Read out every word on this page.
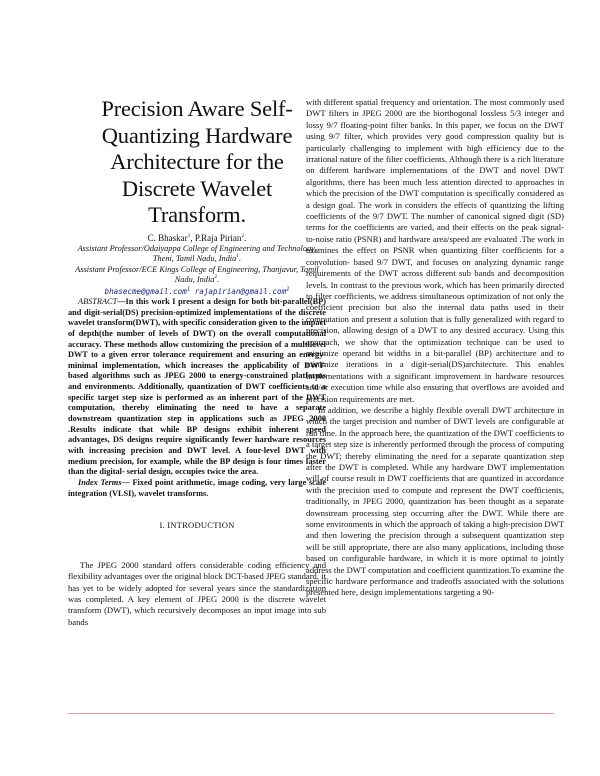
Precision Aware Self-
Quantizing Hardware
Architecture for the
Discrete Wavelet
Transform.
C. Bhaskar$^1$, P.Raja Pirian$^2$.
Assistant Professor/Odaiyappa College of Engineering and Technology, Theni, Tamil Nadu, India$^1$.
Assistant Professor/ECE Kings College of Engineering, Thanjavur, Tamil Nadu, India$^2$.
bhasecme@gmail.com$^1$ rajapirian@gmail.com$^2$

ABSTRACT—In this work I present a design for both bit-parallel(BP) and digit-serial(DS) precision-optimized implementations of the discrete wavelet transform(DWT), with specific consideration given to the impact of depth(the number of levels of DWT) on the overall computational accuracy. These methods allow customizing the precision of a multilevel DWT to a given error tolerance requirement and ensuring an energy-minimal implementation, which increases the applicability of DWT-based algorithms such as JPEG 2000 to energy-constrained platforms and environments. Additionally, quantization of DWT coefficients to a specific target step size is performed as an inherent part of the DWT computation, thereby eliminating the need to have a separate downstream quantization step in applications such as JPEG 2000 .Results indicate that while BP designs exhibit inherent speed advantages, DS designs require significantly fewer hardware resources with increasing precision and DWT level. A four-level DWT with medium precision, for example, while the BP design is four times faster than the digital- serial design, occupies twice the area.

Index Terms— Fixed point arithmetic, image coding, very large scale integration (VLSI), wavelet transforms.

I. INTRODUCTION

The JPEG 2000 standard offers considerable coding efficiency and flexibility advantages over the original block DCT-based JPEG standard, it has yet to be widely adopted for several years since the standardization was completed. A key element of JPEG 2000 is the discrete wavelet transform (DWT), which recursively decomposes an input image into sub bands

with different spatial frequency and orientation. The most commonly used DWT filters in JPEG 2000 are the biorthogonal lossless 5/3 integer and lossy 9/7 floating-point filter banks. In this paper, we focus on the DWT using 9/7 filter, which provides very good compression quality but is particularly challenging to implement with high efficiency due to the irrational nature of the filter coefficients. Although there is a rich literature on different hardware implementations of the DWT and novel DWT algorithms, there has been much less attention directed to approaches in which the precision of the DWT computation is specifically considered as a design goal. The work in considers the effects of quantizing the lifting coefficients of the 9/7 DWT. The number of canonical signed digit (SD) terms for the coefficients are varied, and their effects on the peak signal-to-noise ratio (PSNR) and hardware area/speed are evaluated .The work in examines the effect on PSNR when quantizing filter coefficients for a convolution- based 9/7 DWT, and focuses on analyzing dynamic range requirements of the DWT across different sub bands and decomposition levels. In contrast to the previous work, which has been primarily directed to filter coefficients, we address simultaneous optimization of not only the coefficient precision but also the internal data paths used in their computation and present a solution that is fully generalized with regard to precision, allowing design of a DWT to any desired accuracy. Using this approach, we show that the optimization technique can be used to minimize operand bit widths in a bit-parallel (BP) architecture and to minimize iterations in a digit-serial(DS)architecture. This enables implementations with a significant improvement in hardware resources and/or execution time while also ensuring that overflows are avoided and precision requirements are met.

In addition, we describe a highly flexible overall DWT architecture in which the target precision and number of DWT levels are configurable at run time. In the approach here, the quantization of the DWT coefficients to a target step size is inherently performed through the process of computing the DWT; thereby eliminating the need for a separate quantization step after the DWT is completed. While any hardware DWT implementation will of course result in DWT coefficients that are quantized in accordance with the precision used to compute and represent the DWT coefficients, traditionally, in JPEG 2000, quantization has been thought as a separate downstream processing step occurring after the DWT. While there are some environments in which the approach of taking a high-precision DWT and then lowering the precision through a subsequent quantization step will be still appropriate, there are also many applications, including those based on configurable hardware, in which it is more optimal to jointly address the DWT computation and coefficient quantization.To examine the specific hardware performance and tradeoffs associated with the solutions presented here, design implementations targeting a 90-
